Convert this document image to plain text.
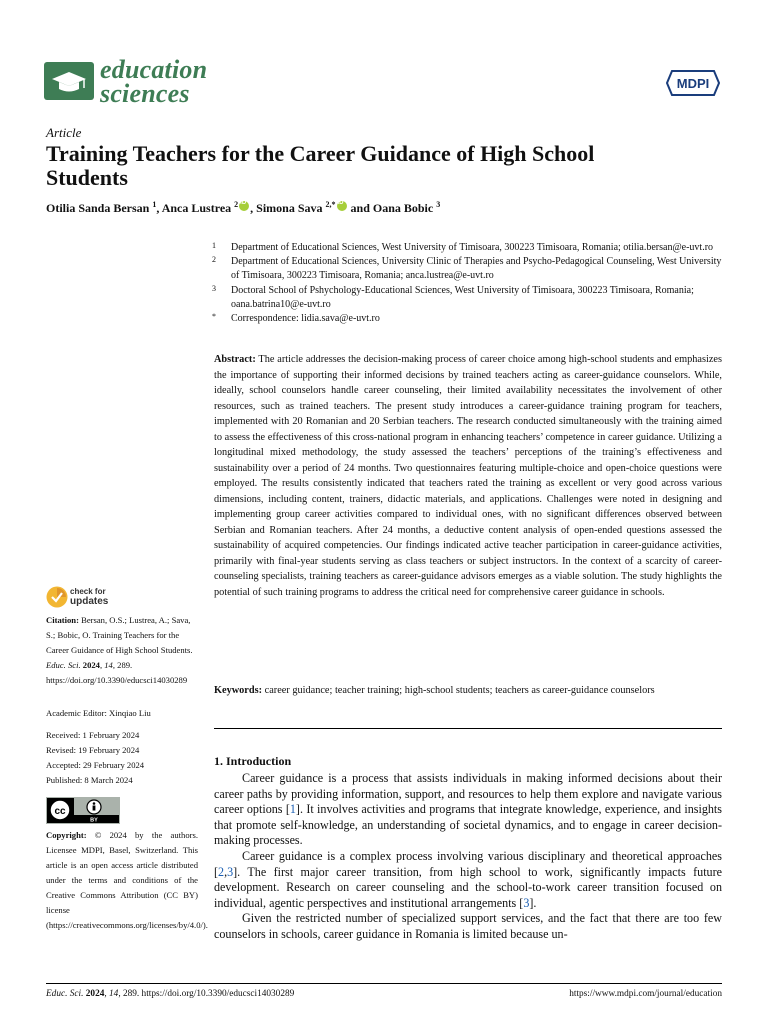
education
sciences	MDPI
Article
Training Teachers for the Career Guidance of High School Students
Otilia Sanda Bersan $^1$, Anca Lustrea $^2$iD , Simona Sava $^{2,*}$iD and Oana Bobic $^3$
1 Department of Educational Sciences, West University of Timisoara, 300223 Timisoara, Romania; otilia.bersan@e-uvt.ro
2 Department of Educational Sciences, University Clinic of Therapies and Psycho-Pedagogical Counseling, West University of Timisoara, 300223 Timisoara, Romania; anca.lustrea@e-uvt.ro
3 Doctoral School of Pshychology-Educational Sciences, West University of Timisoara, 300223 Timisoara, Romania; oana.batrina10@e-uvt.ro
* Correspondence: lidia.sava@e-uvt.ro
Abstract: The article addresses the decision-making process of career choice among high-school students and emphasizes the importance of supporting their informed decisions by trained teachers acting as career-guidance counselors. While, ideally, school counselors handle career counseling, their limited availability necessitates the involvement of other resources, such as trained teachers. The present study introduces a career-guidance training program for teachers, implemented with 20 Romanian and 20 Serbian teachers. The research conducted simultaneously with the training aimed to assess the effectiveness of this cross-national program in enhancing teachers’ competence in career guidance. Utilizing a longitudinal mixed methodology, the study assessed the teachers’ perceptions of the training’s effectiveness and sustainability over a period of 24 months. Two questionnaires featuring multiple-choice and open-choice questions were employed. The results consistently indicated that teachers rated the training as excellent or very good across various dimensions, including content, trainers, didactic materials, and applications. Challenges were noted in designing and implementing group career activities compared to individual ones, with no significant differences observed between Serbian and Romanian teachers. After 24 months, a deductive content analysis of open-ended questions assessed the sustainability of acquired competencies. Our findings indicated active teacher participation in career-guidance activities, primarily with final-year students serving as class teachers or subject instructors. In the context of a scarcity of career-counseling specialists, training teachers as career-guidance advisors emerges as a viable solution. The study highlights the potential of such training programs to address the critical need for comprehensive career guidance in schools.
Keywords: career guidance; teacher training; high-school students; teachers as career-guidance counselors
1. Introduction

Career guidance is a process that assists individuals in making informed decisions about their career paths by providing information, support, and resources to help them explore and navigate various career options [1]. It involves activities and programs that integrate knowledge, experience, and insights that promote self-knowledge, an understanding of societal dynamics, and to engage in career decision-making processes.

Career guidance is a complex process involving various disciplinary and theoretical approaches [2,3]. The first major career transition, from high school to work, significantly impacts future development. Research on career counseling and the school-to-work career transition focused on individual, agentic perspectives and institutional arrangements [3].

Given the restricted number of specialized support services, and the fact that there are too few counselors in schools, career guidance in Romania is limited because un-

check for
updates
Citation: Bersan, O.S.; Lustrea, A.; Sava, S.; Bobic, O. Training Teachers for the Career Guidance of High School Students. Educ. Sci. 2024, 14, 289. https://doi.org/10.3390/educsci14030289
Academic Editor: Xinqiao Liu
Received: 1 February 2024
Revised: 19 February 2024
Accepted: 29 February 2024
Published: 8 March 2024
cc
BY
Copyright: © 2024 by the authors. Licensee MDPI, Basel, Switzerland. This article is an open access article distributed under the terms and conditions of the Creative Commons Attribution (CC BY) license (https://creativecommons.org/licenses/by/4.0/).
Educ. Sci. 2024, 14, 289. https://doi.org/10.3390/educsci14030289	https://www.mdpi.com/journal/education
